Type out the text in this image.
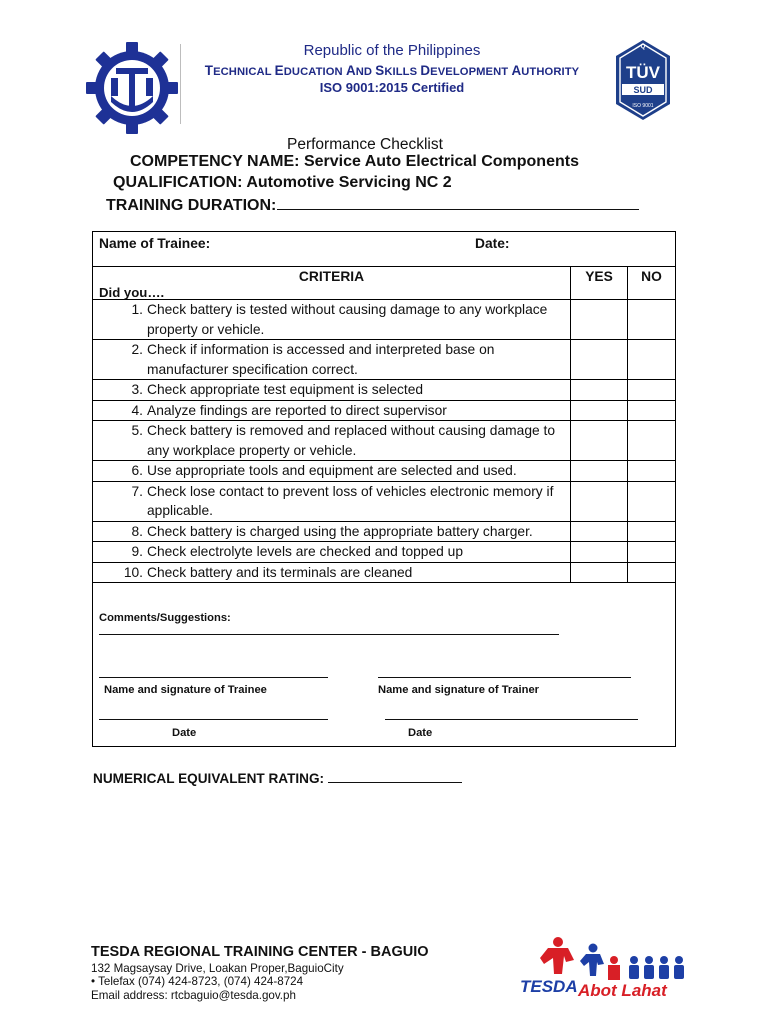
Republic of the Philippines
TECHNICAL EDUCATION AND SKILLS DEVELOPMENT AUTHORITY
ISO 9001:2015 Certified
Q
TÜV
SUD
ISO 9001
Performance Checklist
COMPETENCY NAME: Service Auto Electrical Components
QUALIFICATION: Automotive Servicing NC 2
TRAINING DURATION:
Name of Trainee: Date:		

CRITERIA
Did you….	YES	NO

1. Check battery is tested without causing damage to any workplace property or vehicle.		

2. Check if information is accessed and interpreted base on manufacturer specification correct.		

3. Check appropriate test equipment is selected		

4. Analyze findings are reported to direct supervisor		

5. Check battery is removed and replaced without causing damage to any workplace property or vehicle.		

6. Use appropriate tools and equipment are selected and used.		

7. Check lose contact to prevent loss of vehicles electronic memory if applicable.		

8. Check battery is charged using the appropriate battery charger.		

9. Check electrolyte levels are checked and topped up		

10. Check battery and its terminals are cleaned		

Comments/Suggestions:
Name and signature of Trainee Name and signature of Trainer
Date Date		
NUMERICAL EQUIVALENT RATING:
TESDA REGIONAL TRAINING CENTER - BAGUIO
132 Magsaysay Drive, Loakan Proper,BaguioCity
• Telefax (074) 424-8723, (074) 424-8724
Email address: rtcbaguio@tesda.gov.ph	TESDA Abot Lahat
